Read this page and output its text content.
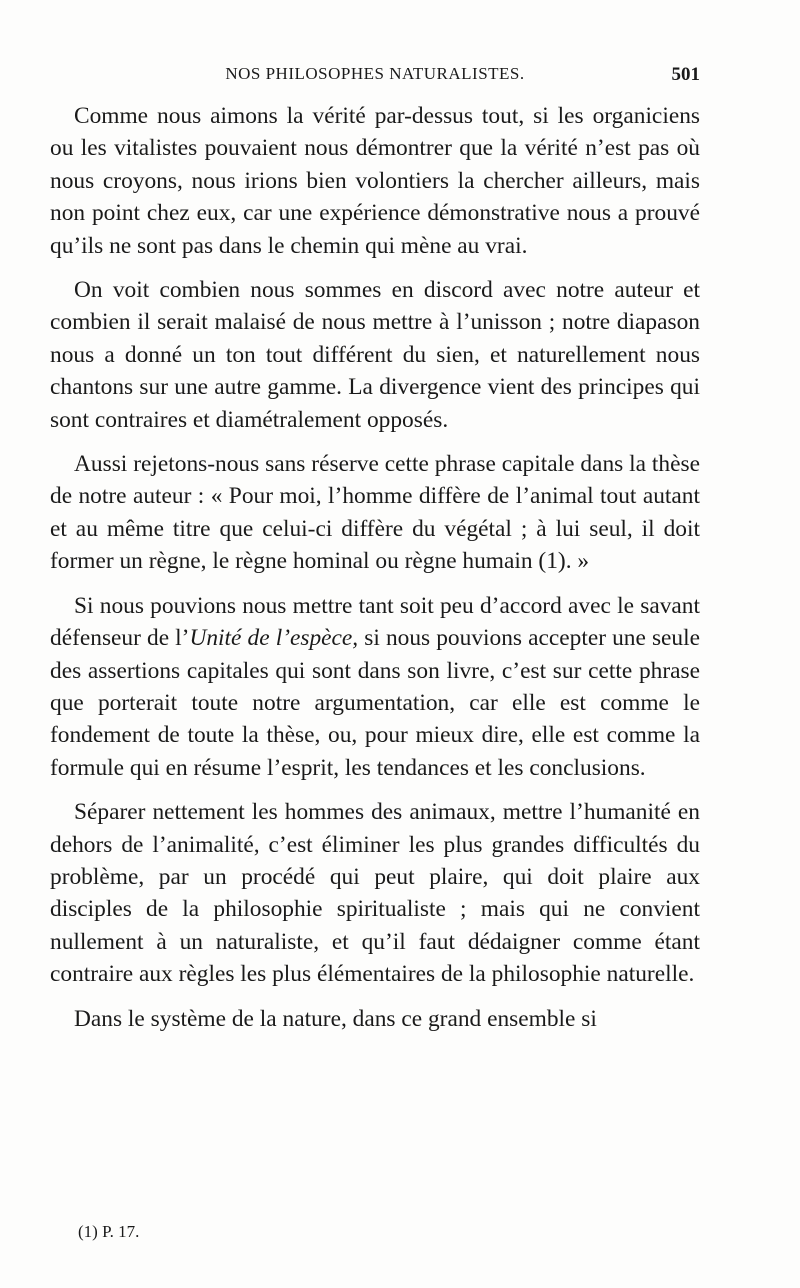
NOS PHILOSOPHES NATURALISTES.	501

Comme nous aimons la vérité par-dessus tout, si les organiciens ou les vitalistes pouvaient nous démontrer que la vérité n’est pas où nous croyons, nous irions bien volontiers la chercher ailleurs, mais non point chez eux, car une expérience démonstrative nous a prouvé qu’ils ne sont pas dans le chemin qui mène au vrai.

On voit combien nous sommes en discord avec notre auteur et combien il serait malaisé de nous mettre à l’unisson ; notre diapason nous a donné un ton tout différent du sien, et naturellement nous chantons sur une autre gamme. La divergence vient des principes qui sont contraires et diamétralement opposés.

Aussi rejetons-nous sans réserve cette phrase capitale dans la thèse de notre auteur : « Pour moi, l’homme diffère de l’animal tout autant et au même titre que celui-ci diffère du végétal ; à lui seul, il doit former un règne, le règne hominal ou règne humain (1). »

Si nous pouvions nous mettre tant soit peu d’accord avec le savant défenseur de l’Unité de l’espèce, si nous pouvions accepter une seule des assertions capitales qui sont dans son livre, c’est sur cette phrase que porterait toute notre argumentation, car elle est comme le fondement de toute la thèse, ou, pour mieux dire, elle est comme la formule qui en résume l’esprit, les tendances et les conclusions.

Séparer nettement les hommes des animaux, mettre l’humanité en dehors de l’animalité, c’est éliminer les plus grandes difficultés du problème, par un procédé qui peut plaire, qui doit plaire aux disciples de la philosophie spiritualiste ; mais qui ne convient nullement à un naturaliste, et qu’il faut dédaigner comme étant contraire aux règles les plus élémentaires de la philosophie naturelle.

Dans le système de la nature, dans ce grand ensemble si

(1) P. 17.
